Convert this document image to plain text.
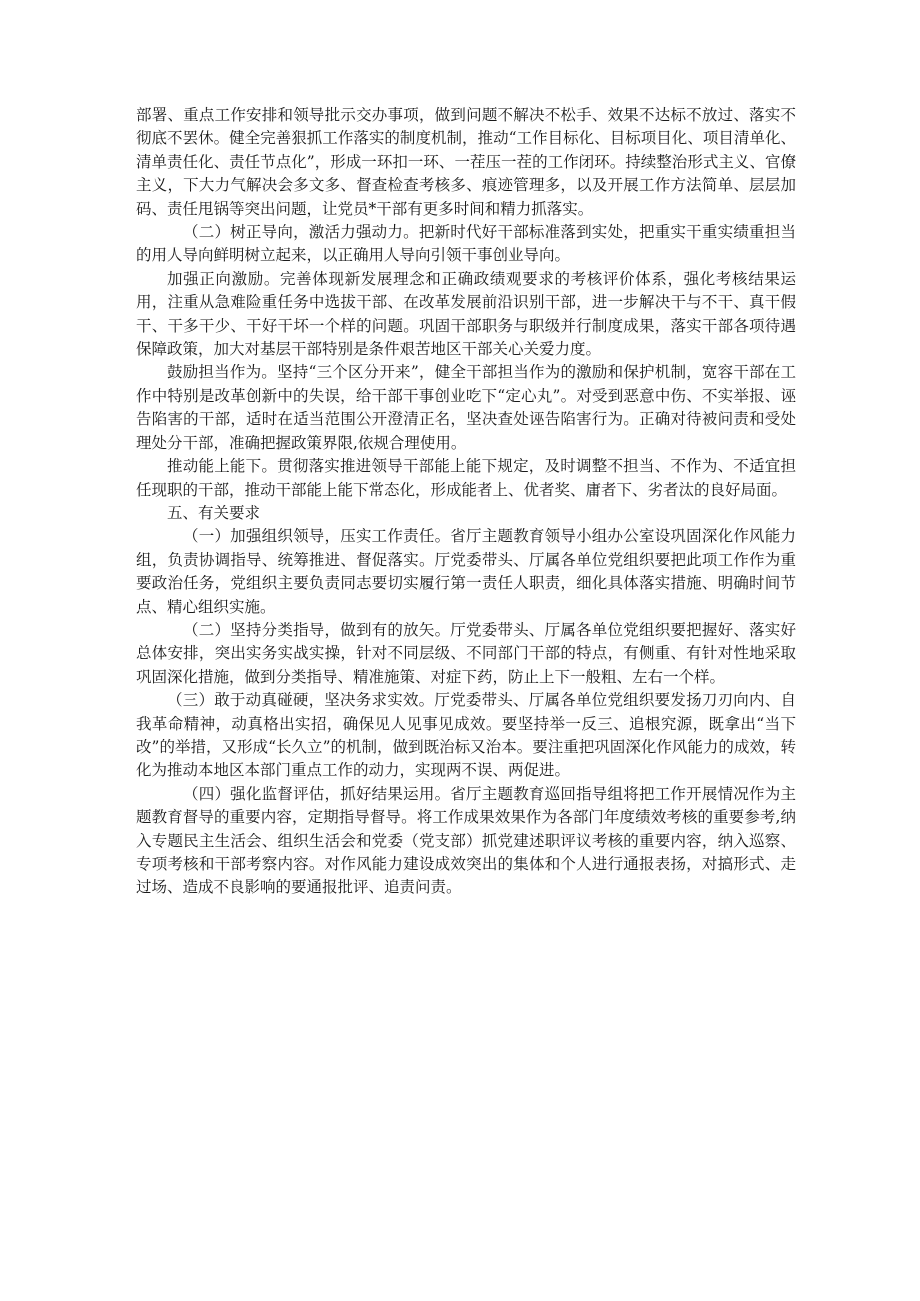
部署、重点工作安排和领导批示交办事项，做到问题不解决不松手、效果不达标不放过、落实不彻底不罢休。健全完善狠抓工作落实的制度机制，推动“工作目标化、目标项目化、项目清单化、清单责任化、责任节点化”，形成一环扣一环、一茬压一茬的工作闭环。持续整治形式主义、官僚主义，下大力气解决会多文多、督查检查考核多、痕迹管理多，以及开展工作方法简单、层层加码、责任甩锅等突出问题，让党员*干部有更多时间和精力抓落实。

（二）树正导向，激活力强动力。把新时代好干部标准落到实处，把重实干重实绩重担当的用人导向鲜明树立起来，以正确用人导向引领干事创业导向。

加强正向激励。完善体现新发展理念和正确政绩观要求的考核评价体系，强化考核结果运用，注重从急难险重任务中选拔干部、在改革发展前沿识别干部，进一步解决干与不干、真干假干、干多干少、干好干坏一个样的问题。巩固干部职务与职级并行制度成果，落实干部各项待遇保障政策，加大对基层干部特别是条件艰苦地区干部关心关爱力度。

鼓励担当作为。坚持“三个区分开来”，健全干部担当作为的激励和保护机制，宽容干部在工作中特别是改革创新中的失误，给干部干事创业吃下“定心丸”。对受到恶意中伤、不实举报、诬告陷害的干部，适时在适当范围公开澄清正名，坚决查处诬告陷害行为。正确对待被问责和受处理处分干部，准确把握政策界限,依规合理使用。

推动能上能下。贯彻落实推进领导干部能上能下规定，及时调整不担当、不作为、不适宜担任现职的干部，推动干部能上能下常态化，形成能者上、优者奖、庸者下、劣者汰的良好局面。

五、有关要求

（一）加强组织领导，压实工作责任。省厅主题教育领导小组办公室设巩固深化作风能力组，负责协调指导、统筹推进、督促落实。厅党委带头、厅属各单位党组织要把此项工作作为重要政治任务，党组织主要负责同志要切实履行第一责任人职责，细化具体落实措施、明确时间节点、精心组织实施。

（二）坚持分类指导，做到有的放矢。厅党委带头、厅属各单位党组织要把握好、落实好总体安排，突出实务实战实操，针对不同层级、不同部门干部的特点，有侧重、有针对性地采取巩固深化措施，做到分类指导、精准施策、对症下药，防止上下一般粗、左右一个样。

（三）敢于动真碰硬，坚决务求实效。厅党委带头、厅属各单位党组织要发扬刀刃向内、自我革命精神，动真格出实招，确保见人见事见成效。要坚持举一反三、追根究源，既拿出“当下改”的举措，又形成“长久立”的机制，做到既治标又治本。要注重把巩固深化作风能力的成效，转化为推动本地区本部门重点工作的动力，实现两不误、两促进。

（四）强化监督评估，抓好结果运用。省厅主题教育巡回指导组将把工作开展情况作为主题教育督导的重要内容，定期指导督导。将工作成果效果作为各部门年度绩效考核的重要参考,纳入专题民主生活会、组织生活会和党委（党支部）抓党建述职评议考核的重要内容，纳入巡察、专项考核和干部考察内容。对作风能力建设成效突出的集体和个人进行通报表扬，对搞形式、走过场、造成不良影响的要通报批评、追责问责。
